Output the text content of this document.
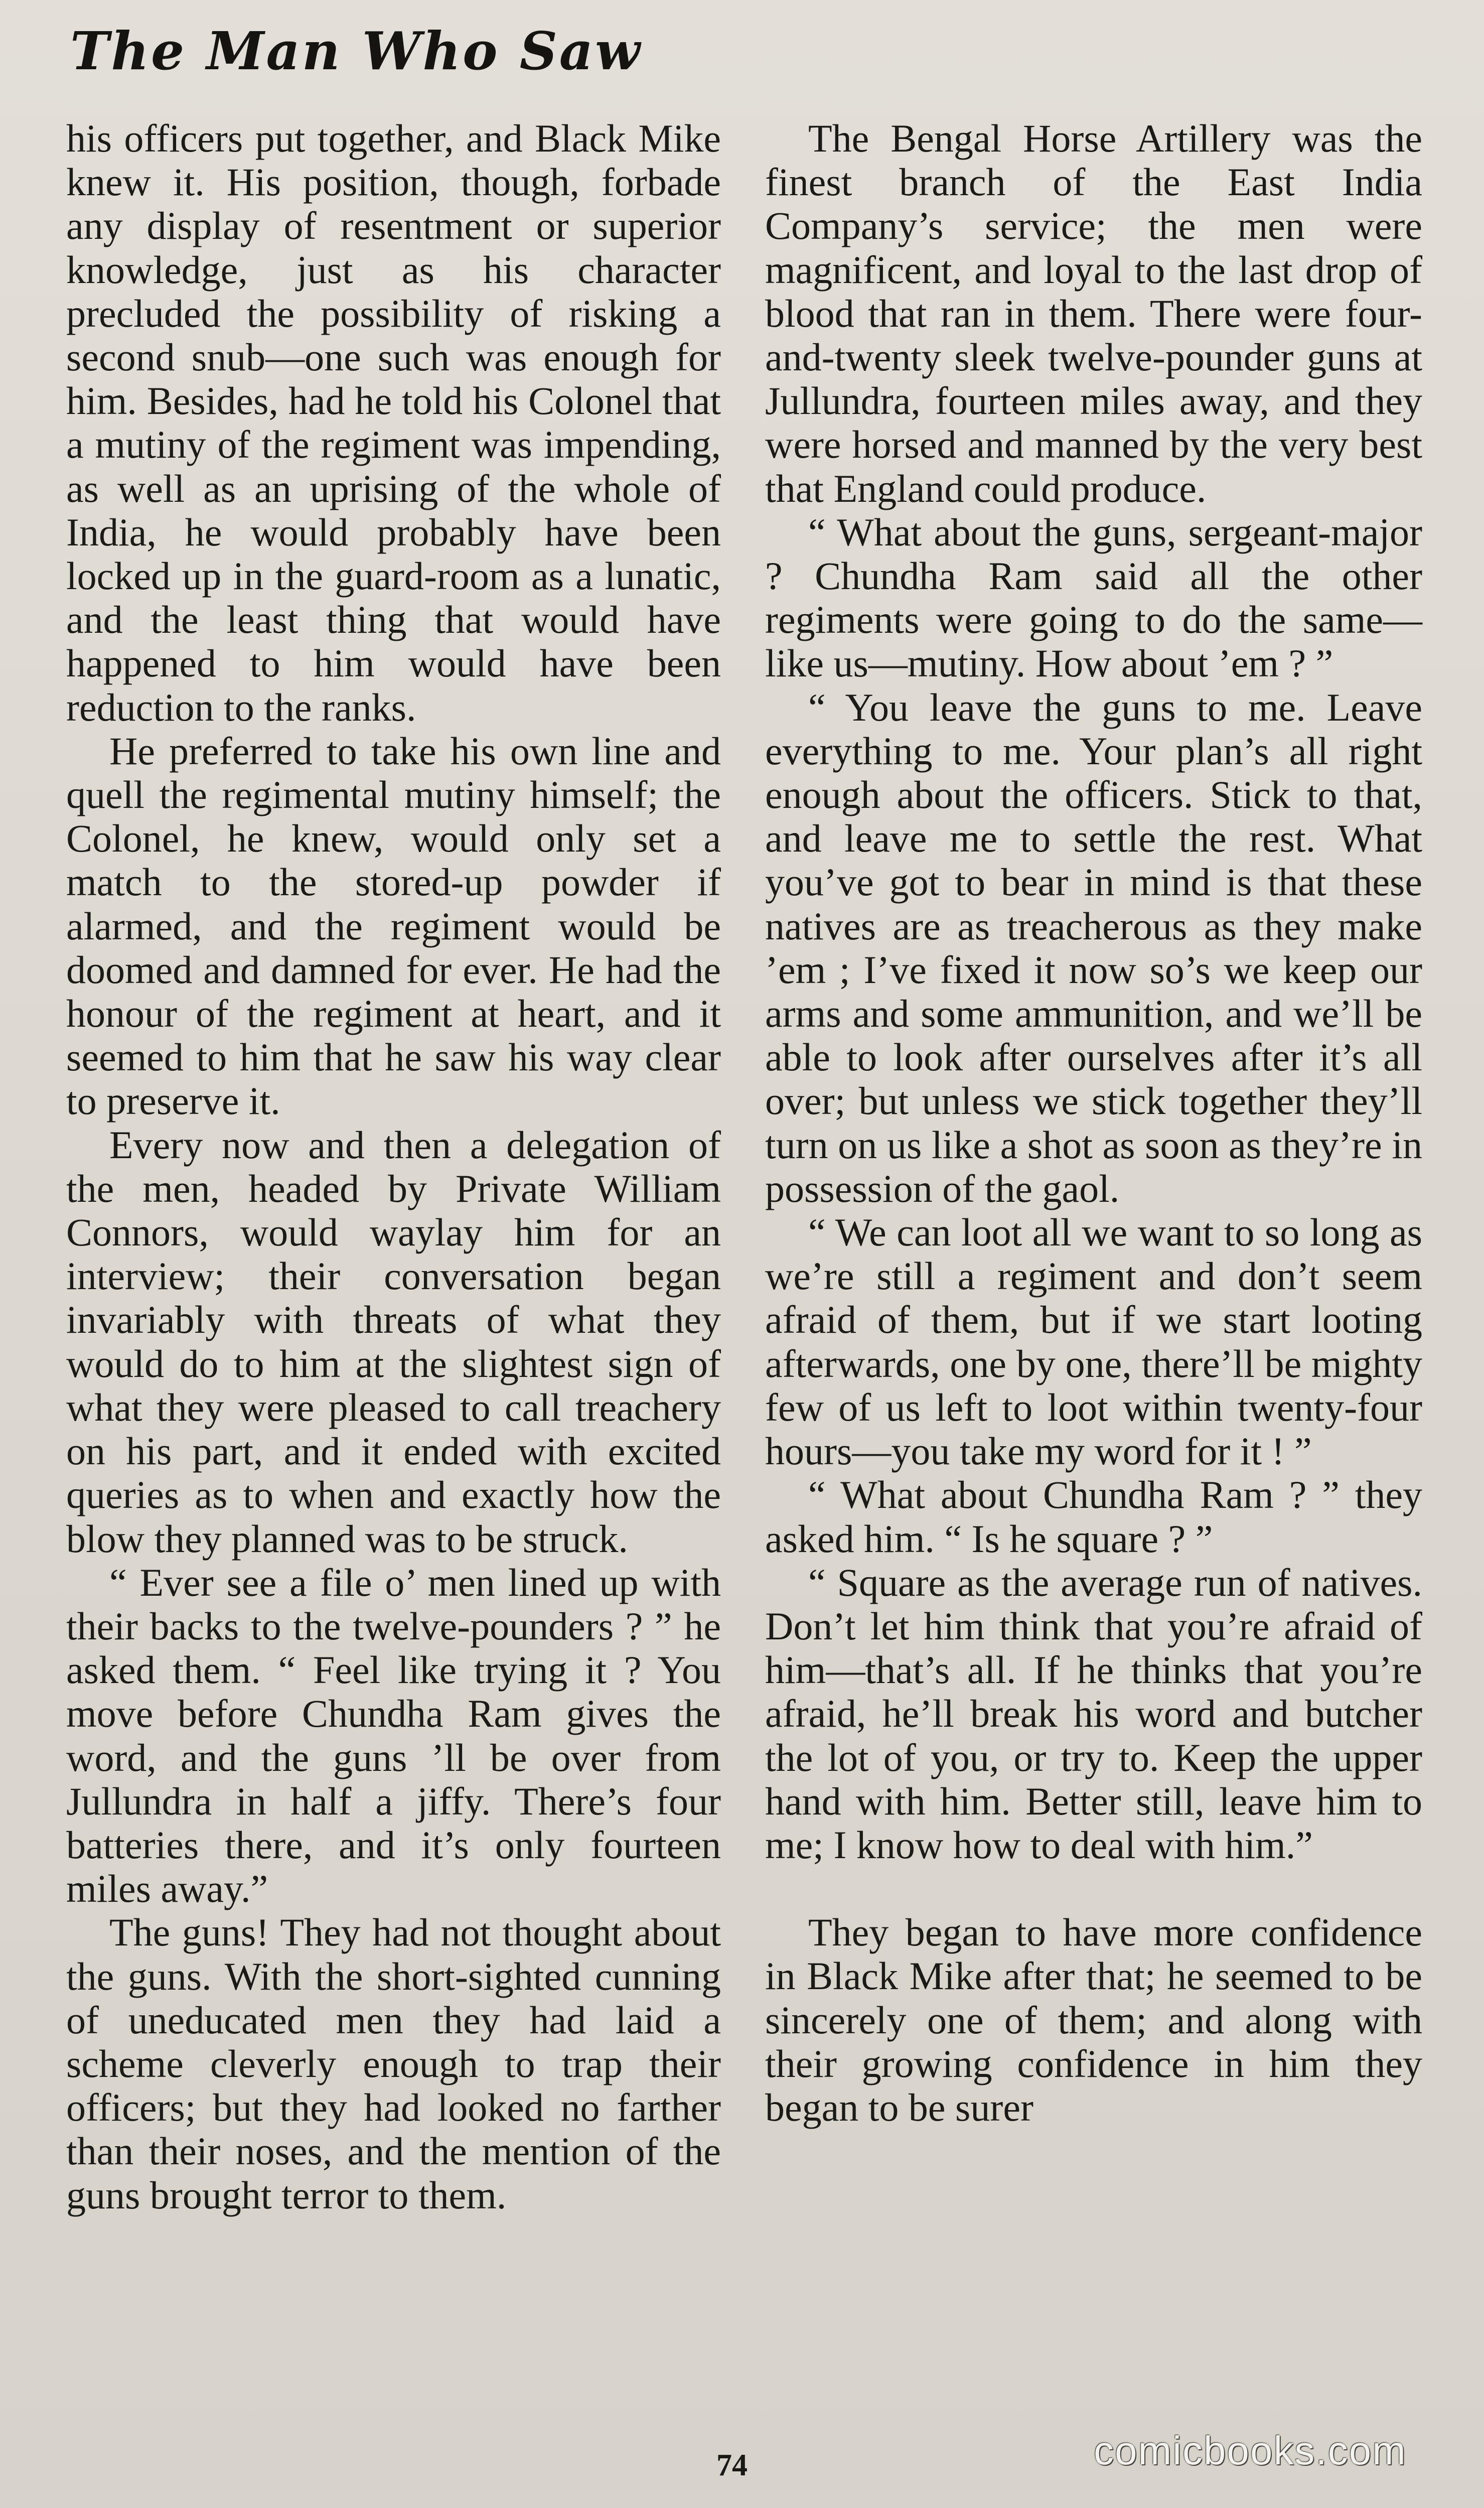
The Man Who Saw

his officers put together, and Black Mike knew it. His position, though, forbade any display of resentment or superior knowledge, just as his character precluded the possibility of risking a second snub—one such was enough for him. Besides, had he told his Colonel that a mutiny of the regiment was impending, as well as an uprising of the whole of India, he would probably have been locked up in the guard-room as a lunatic, and the least thing that would have happened to him would have been reduction to the ranks.

He preferred to take his own line and quell the regimental mutiny himself; the Colonel, he knew, would only set a match to the stored-up powder if alarmed, and the regiment would be doomed and damned for ever. He had the honour of the regiment at heart, and it seemed to him that he saw his way clear to preserve it.

Every now and then a delegation of the men, headed by Private William Connors, would waylay him for an interview; their conversation began invariably with threats of what they would do to him at the slightest sign of what they were pleased to call treachery on his part, and it ended with excited queries as to when and exactly how the blow they planned was to be struck.

“ Ever see a file o’ men lined up with their backs to the twelve-pounders ? ” he asked them. “ Feel like trying it ? You move before Chundha Ram gives the word, and the guns ’ll be over from Jullundra in half a jiffy. There’s four batteries there, and it’s only fourteen miles away.”

The guns! They had not thought about the guns. With the short-sighted cunning of uneducated men they had laid a scheme cleverly enough to trap their officers; but they had looked no farther than their noses, and the mention of the guns brought terror to them.

The Bengal Horse Artillery was the finest branch of the East India Company’s service; the men were magnificent, and loyal to the last drop of blood that ran in them. There were four-and-twenty sleek twelve-pounder guns at Jullundra, fourteen miles away, and they were horsed and manned by the very best that England could produce.

“ What about the guns, sergeant-major ? Chundha Ram said all the other regiments were going to do the same—like us—mutiny. How about ’em ? ”

“ You leave the guns to me. Leave everything to me. Your plan’s all right enough about the officers. Stick to that, and leave me to settle the rest. What you’ve got to bear in mind is that these natives are as treacherous as they make ’em ; I’ve fixed it now so’s we keep our arms and some ammunition, and we’ll be able to look after ourselves after it’s all over; but unless we stick together they’ll turn on us like a shot as soon as they’re in possession of the gaol.

“ We can loot all we want to so long as we’re still a regiment and don’t seem afraid of them, but if we start looting afterwards, one by one, there’ll be mighty few of us left to loot within twenty-four hours—you take my word for it ! ”

“ What about Chundha Ram ? ” they asked him. “ Is he square ? ”

“ Square as the average run of natives. Don’t let him think that you’re afraid of him—that’s all. If he thinks that you’re afraid, he’ll break his word and butcher the lot of you, or try to. Keep the upper hand with him. Better still, leave him to me; I know how to deal with him.”

They began to have more confidence in Black Mike after that; he seemed to be sincerely one of them; and along with their growing confidence in him they began to be surer

74	comicbooks.com
